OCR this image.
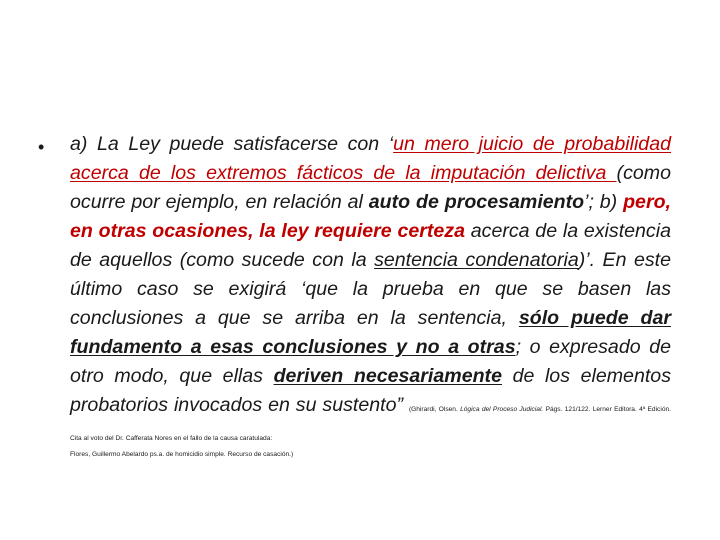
• a) La Ley puede satisfacerse con ‘un mero juicio de probabilidad acerca de los extremos fácticos de la imputación delictiva (como ocurre por ejemplo, en relación al auto de procesamiento’; b) pero, en otras ocasiones, la ley requiere certeza acerca de la existencia de aquellos (como sucede con la sentencia condenatoria)’. En este último caso se exigirá ‘que la prueba en que se basen las conclusiones a que se arriba en la sentencia, sólo puede dar fundamento a esas conclusiones y no a otras; o expresado de otro modo, que ellas deriven necesariamente de los elementos probatorios invocados en su sustento” (Ghirardi, Olsen. Lógica del Proceso Judicial. Págs. 121/122. Lerner Editora. 4ª Edición. Cita al voto del Dr. Cafferata Nores en el fallo de la causa caratulada:
Flores, Guillermo Abelardo ps.a. de homicidio simple. Recurso de casación.)
